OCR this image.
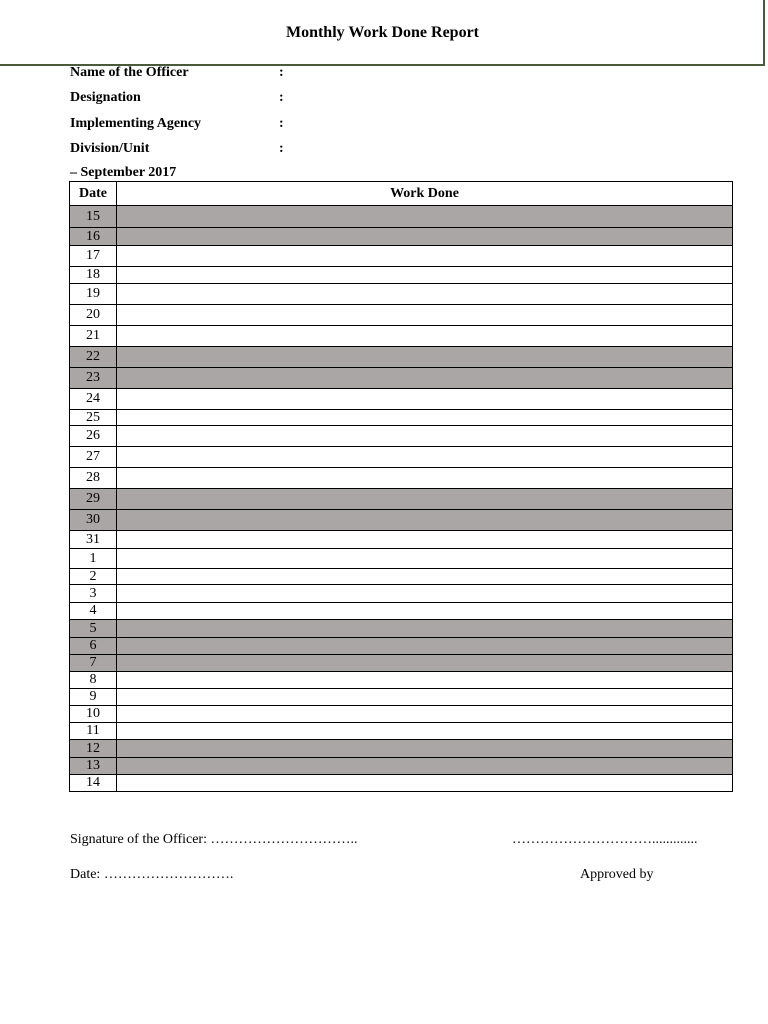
Monthly Work Done Report
Name of the Officer	:
Designation	:
Implementing Agency	:
Division/Unit	:
– September 2017
Date	Work Done
15	
16	
17	
18	
19	
20	
21	
22	
23	
24	
25	
26	
27	
28	
29	
30	
31	
1	
2	
3	
4	
5	
6	
7	
8	
9	
10	
11	
12	
13	
14	
Signature of the Officer: …………………………..	………………………….............
Date: ……………………….	Approved by
